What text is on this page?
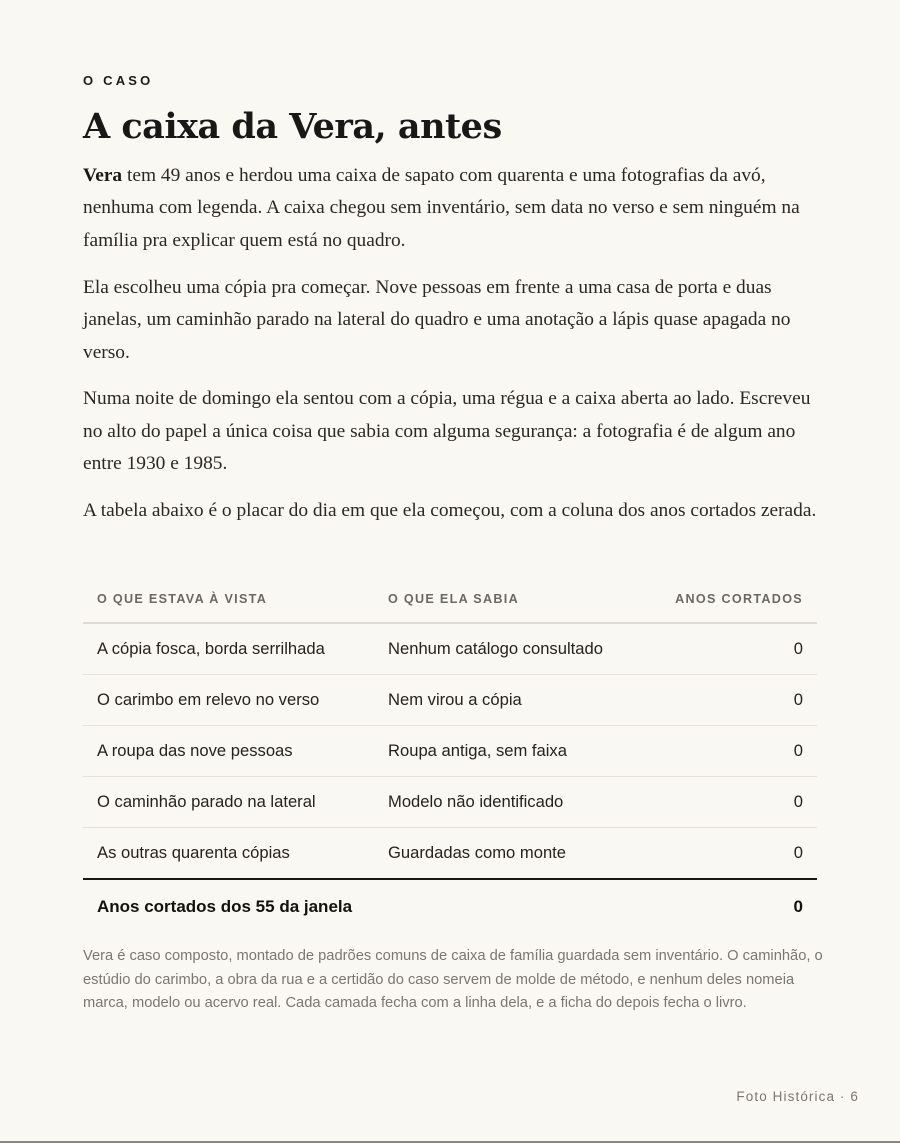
O CASO
A caixa da Vera, antes

Vera tem 49 anos e herdou uma caixa de sapato com quarenta e uma fotografias da avó, nenhuma com legenda. A caixa chegou sem inventário, sem data no verso e sem ninguém na família pra explicar quem está no quadro.

Ela escolheu uma cópia pra começar. Nove pessoas em frente a uma casa de porta e duas janelas, um caminhão parado na lateral do quadro e uma anotação a lápis quase apagada no verso.

Numa noite de domingo ela sentou com a cópia, uma régua e a caixa aberta ao lado. Escreveu no alto do papel a única coisa que sabia com alguma segurança: a fotografia é de algum ano entre 1930 e 1985.

A tabela abaixo é o placar do dia em que ela começou, com a coluna dos anos cortados zerada.

O QUE ESTAVA À VISTA	O QUE ELA SABIA	ANOS CORTADOS
A cópia fosca, borda serrilhada	Nenhum catálogo consultado	0
O carimbo em relevo no verso	Nem virou a cópia	0
A roupa das nove pessoas	Roupa antiga, sem faixa	0
O caminhão parado na lateral	Modelo não identificado	0
As outras quarenta cópias	Guardadas como monte	0
Anos cortados dos 55 da janela		0

Vera é caso composto, montado de padrões comuns de caixa de família guardada sem inventário. O caminhão, o estúdio do carimbo, a obra da rua e a certidão do caso servem de molde de método, e nenhum deles nomeia marca, modelo ou acervo real. Cada camada fecha com a linha dela, e a ficha do depois fecha o livro.

Foto Histórica · 6
